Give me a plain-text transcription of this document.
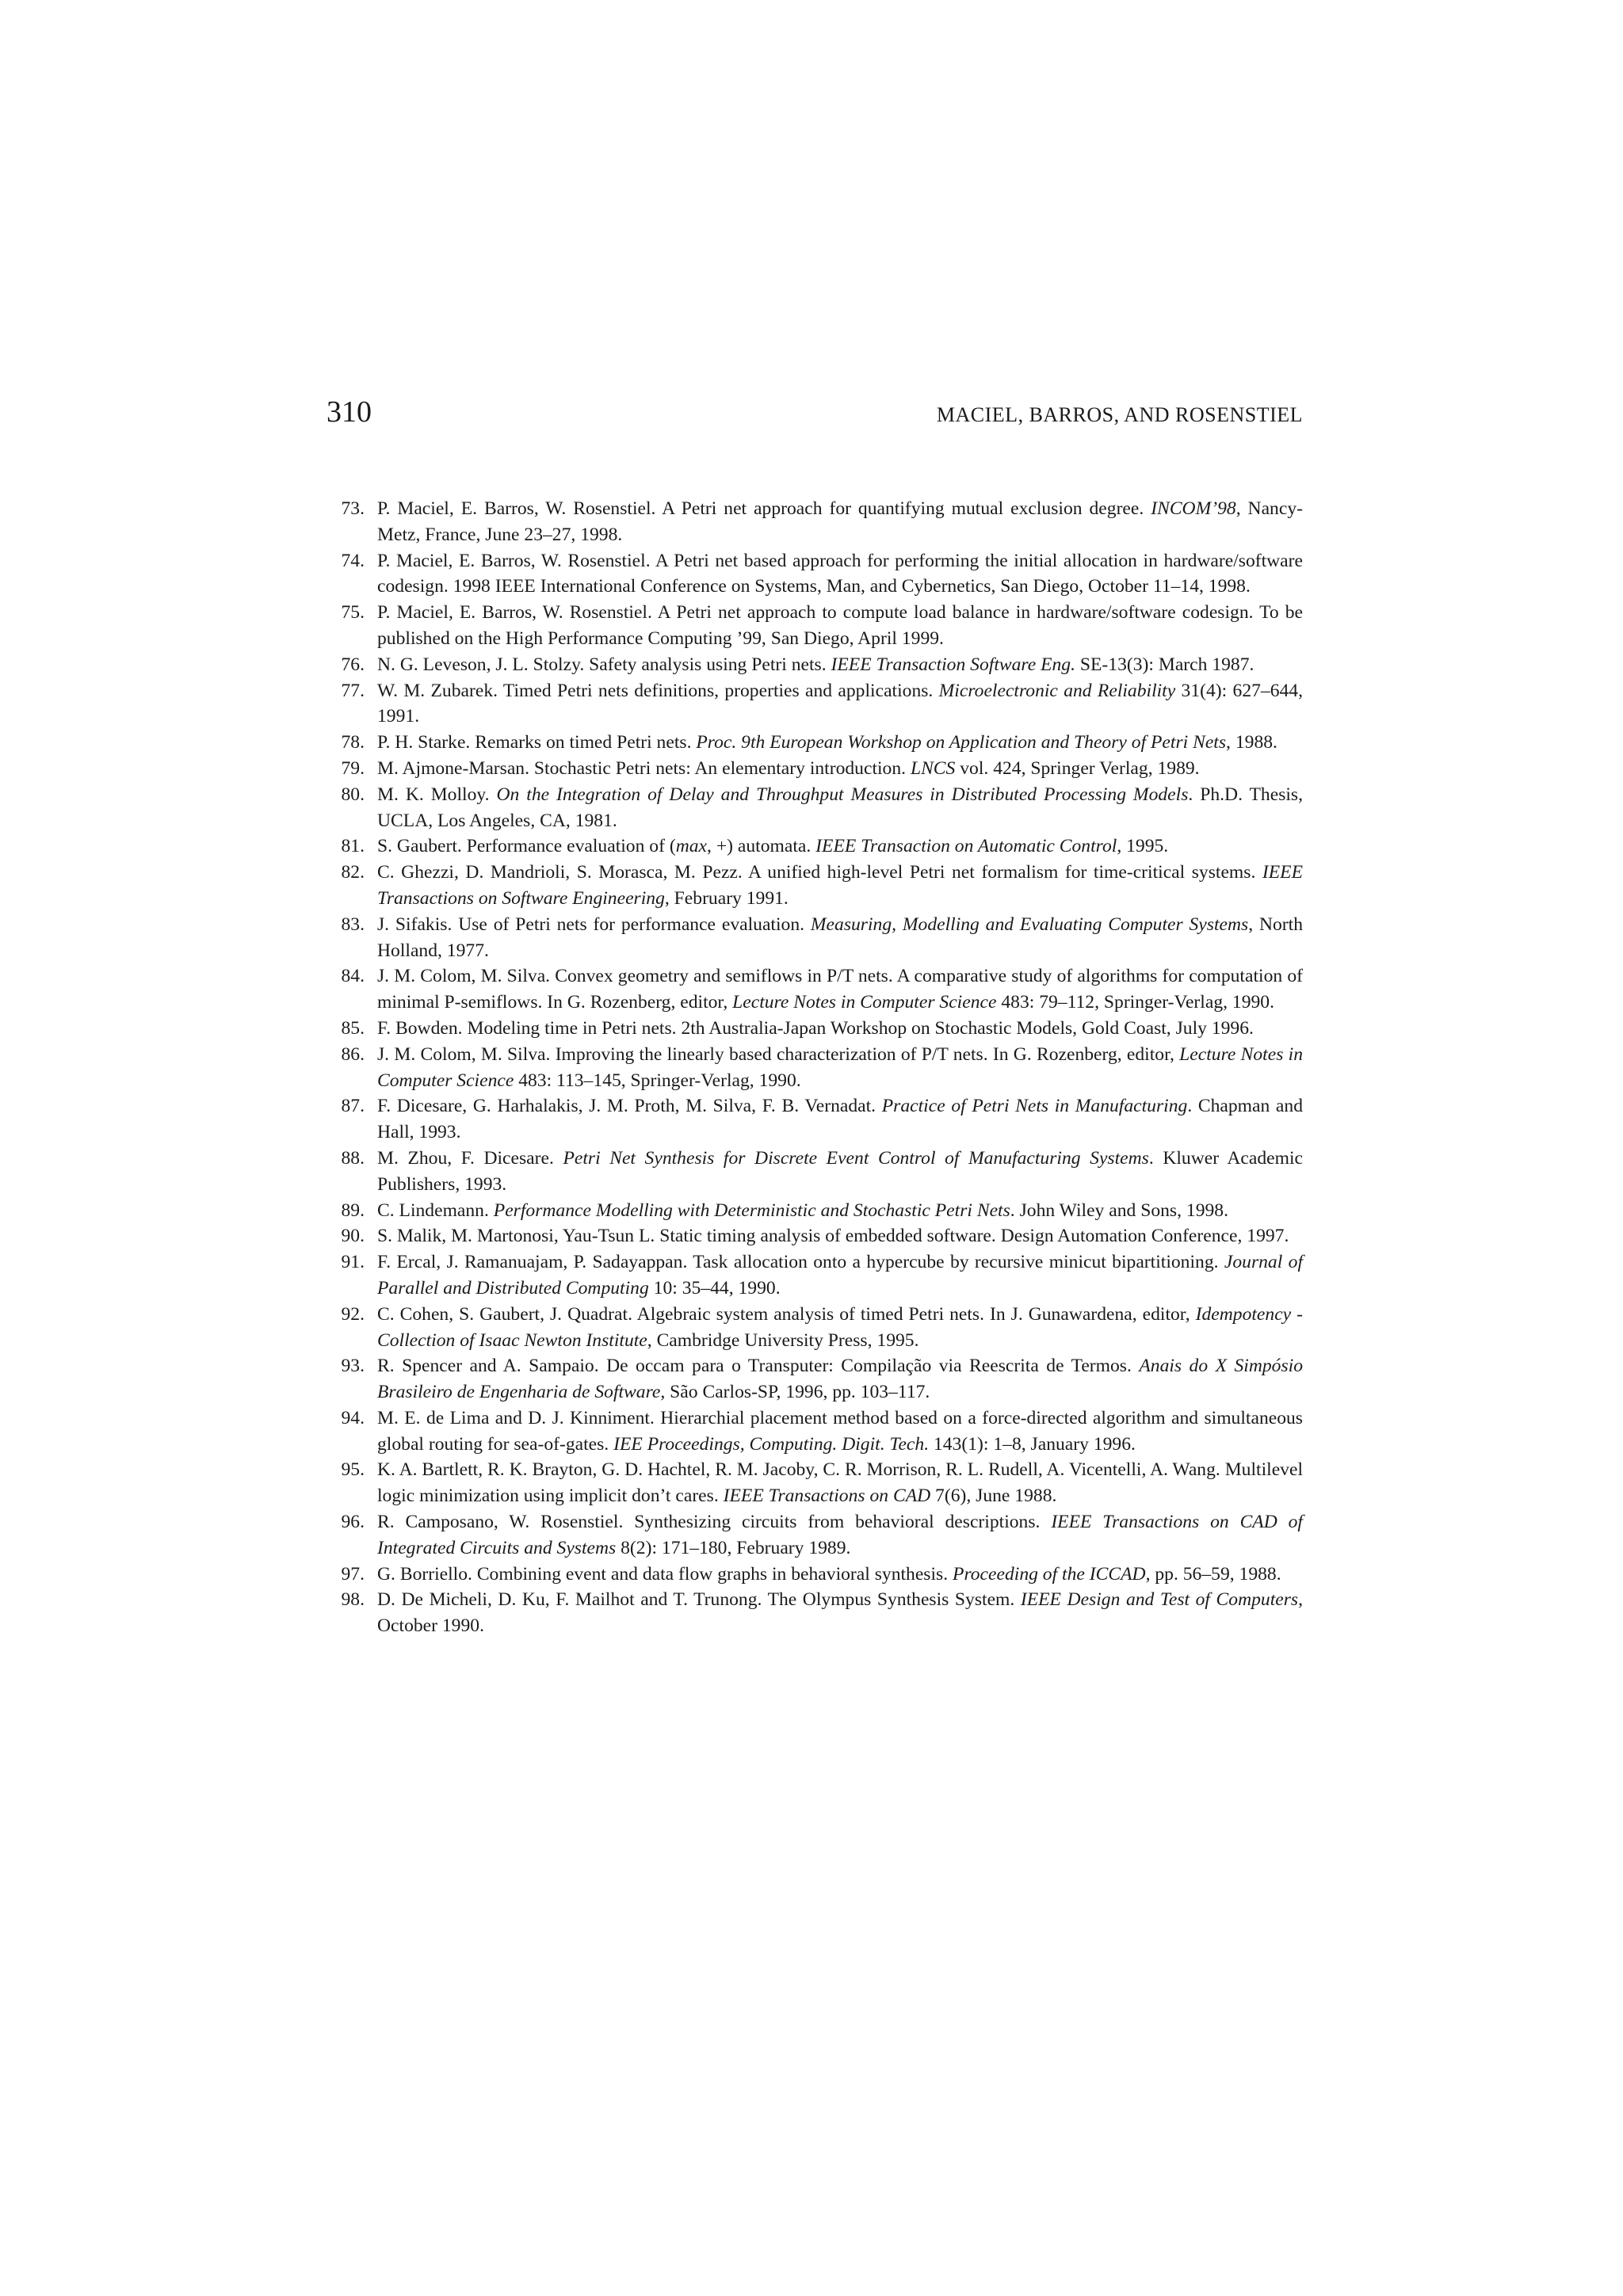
310	MACIEL, BARROS, AND ROSENSTIEL
73. P. Maciel, E. Barros, W. Rosenstiel. A Petri net approach for quantifying mutual exclusion degree. INCOM’98, Nancy-Metz, France, June 23–27, 1998.
74. P. Maciel, E. Barros, W. Rosenstiel. A Petri net based approach for performing the initial allocation in hardware/software codesign. 1998 IEEE International Conference on Systems, Man, and Cybernetics, San Diego, October 11–14, 1998.
75. P. Maciel, E. Barros, W. Rosenstiel. A Petri net approach to compute load balance in hardware/software codesign. To be published on the High Performance Computing ’99, San Diego, April 1999.
76. N. G. Leveson, J. L. Stolzy. Safety analysis using Petri nets. IEEE Transaction Software Eng. SE-13(3): March 1987.
77. W. M. Zubarek. Timed Petri nets definitions, properties and applications. Microelectronic and Reliability 31(4): 627–644, 1991.
78. P. H. Starke. Remarks on timed Petri nets. Proc. 9th European Workshop on Application and Theory of Petri Nets, 1988.
79. M. Ajmone-Marsan. Stochastic Petri nets: An elementary introduction. LNCS vol. 424, Springer Verlag, 1989.
80. M. K. Molloy. On the Integration of Delay and Throughput Measures in Distributed Processing Models. Ph.D. Thesis, UCLA, Los Angeles, CA, 1981.
81. S. Gaubert. Performance evaluation of (max, +) automata. IEEE Transaction on Automatic Control, 1995.
82. C. Ghezzi, D. Mandrioli, S. Morasca, M. Pezz. A unified high-level Petri net formalism for time-critical systems. IEEE Transactions on Software Engineering, February 1991.
83. J. Sifakis. Use of Petri nets for performance evaluation. Measuring, Modelling and Evaluating Computer Systems, North Holland, 1977.
84. J. M. Colom, M. Silva. Convex geometry and semiflows in P/T nets. A comparative study of algorithms for computation of minimal P-semiflows. In G. Rozenberg, editor, Lecture Notes in Computer Science 483: 79–112, Springer-Verlag, 1990.
85. F. Bowden. Modeling time in Petri nets. 2th Australia-Japan Workshop on Stochastic Models, Gold Coast, July 1996.
86. J. M. Colom, M. Silva. Improving the linearly based characterization of P/T nets. In G. Rozenberg, editor, Lecture Notes in Computer Science 483: 113–145, Springer-Verlag, 1990.
87. F. Dicesare, G. Harhalakis, J. M. Proth, M. Silva, F. B. Vernadat. Practice of Petri Nets in Manufacturing. Chapman and Hall, 1993.
88. M. Zhou, F. Dicesare. Petri Net Synthesis for Discrete Event Control of Manufacturing Systems. Kluwer Academic Publishers, 1993.
89. C. Lindemann. Performance Modelling with Deterministic and Stochastic Petri Nets. John Wiley and Sons, 1998.
90. S. Malik, M. Martonosi, Yau-Tsun L. Static timing analysis of embedded software. Design Automation Conference, 1997.
91. F. Ercal, J. Ramanuajam, P. Sadayappan. Task allocation onto a hypercube by recursive minicut bipartitioning. Journal of Parallel and Distributed Computing 10: 35–44, 1990.
92. C. Cohen, S. Gaubert, J. Quadrat. Algebraic system analysis of timed Petri nets. In J. Gunawardena, editor, Idempotency - Collection of Isaac Newton Institute, Cambridge University Press, 1995.
93. R. Spencer and A. Sampaio. De occam para o Transputer: Compilação via Reescrita de Termos. Anais do X Simpósio Brasileiro de Engenharia de Software, São Carlos-SP, 1996, pp. 103–117.
94. M. E. de Lima and D. J. Kinniment. Hierarchial placement method based on a force-directed algorithm and simultaneous global routing for sea-of-gates. IEE Proceedings, Computing. Digit. Tech. 143(1): 1–8, January 1996.
95. K. A. Bartlett, R. K. Brayton, G. D. Hachtel, R. M. Jacoby, C. R. Morrison, R. L. Rudell, A. Vicentelli, A. Wang. Multilevel logic minimization using implicit don’t cares. IEEE Transactions on CAD 7(6), June 1988.
96. R. Camposano, W. Rosenstiel. Synthesizing circuits from behavioral descriptions. IEEE Transactions on CAD of Integrated Circuits and Systems 8(2): 171–180, February 1989.
97. G. Borriello. Combining event and data flow graphs in behavioral synthesis. Proceeding of the ICCAD, pp. 56–59, 1988.
98. D. De Micheli, D. Ku, F. Mailhot and T. Trunong. The Olympus Synthesis System. IEEE Design and Test of Computers, October 1990.
